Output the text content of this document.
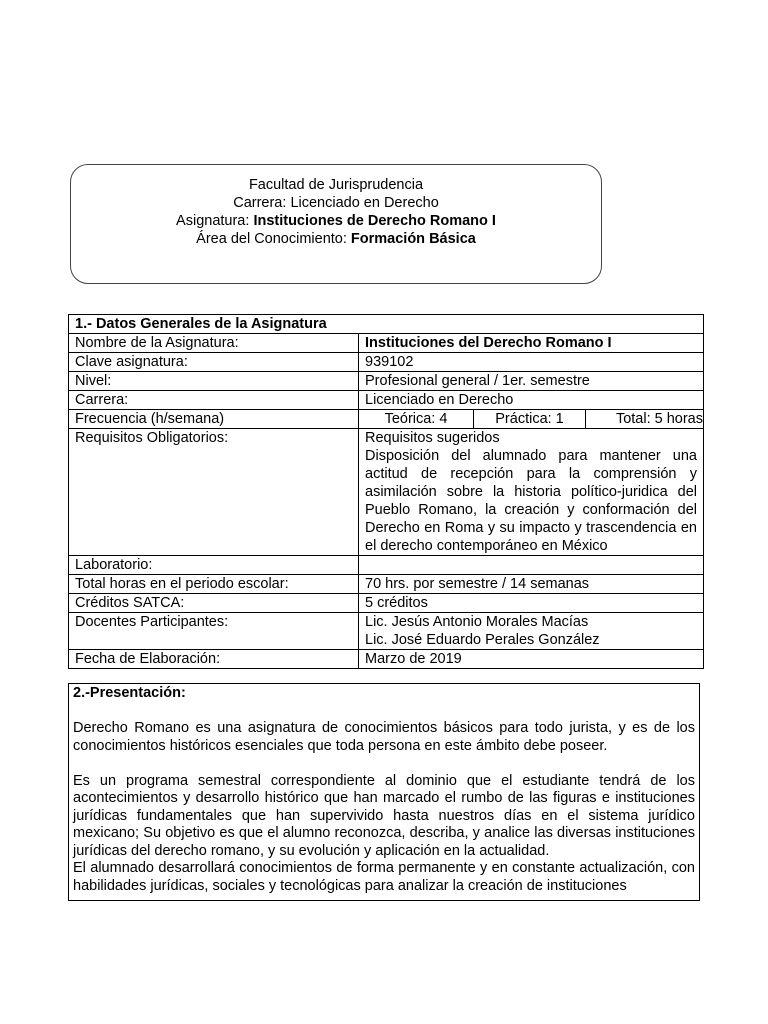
Facultad de Jurisprudencia
Carrera: Licenciado en Derecho
Asignatura: Instituciones de Derecho Romano I
Área del Conocimiento: Formación Básica
1.- Datos Generales de la Asignatura	
Nombre de la Asignatura:	Instituciones del Derecho Romano I
Clave asignatura:	939102
Nivel:	Profesional general / 1er. semestre
Carrera:	Licenciado en Derecho
Frecuencia (h/semana)	Teórica: 4 Práctica: 1 Total: 5 horas

Requisitos Obligatorios:	Requisitos sugeridos
Disposición del alumnado para mantener una actitud de recepción para la comprensión y asimilación sobre la historia político-juridica del Pueblo Romano, la creación y conformación del Derecho en Roma y su impacto y trascendencia en el derecho contemporáneo en México

Laboratorio:	
Total horas en el periodo escolar:	70 hrs. por semestre / 14 semanas
Créditos SATCA:	5 créditos
Docentes Participantes:	Lic. Jesús Antonio Morales Macías
Lic. José Eduardo Perales González

Fecha de Elaboración:	Marzo de 2019
2.-Presentación:

Derecho Romano es una asignatura de conocimientos básicos para todo jurista, y es de los conocimientos históricos esenciales que toda persona en este ámbito debe poseer.

Es un programa semestral correspondiente al dominio que el estudiante tendrá de los acontecimientos y desarrollo histórico que han marcado el rumbo de las figuras e instituciones jurídicas fundamentales que han supervivido hasta nuestros días en el sistema jurídico mexicano; Su objetivo es que el alumno reconozca, describa, y analice las diversas instituciones jurídicas del derecho romano, y su evolución y aplicación en la actualidad.

El alumnado desarrollará conocimientos de forma permanente y en constante actualización, con habilidades jurídicas, sociales y tecnológicas para analizar la creación de instituciones
